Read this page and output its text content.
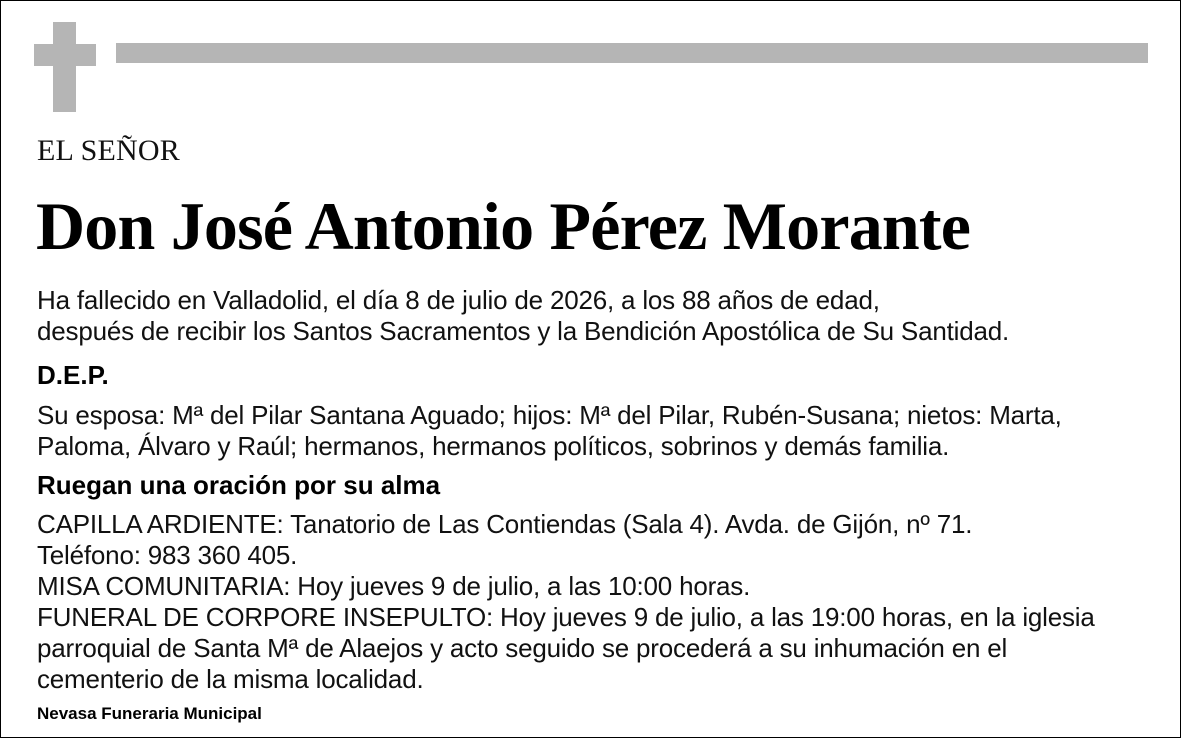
EL SEÑOR
Don José Antonio Pérez Morante
Ha fallecido en Valladolid, el día 8 de julio de 2026, a los 88 años de edad,
después de recibir los Santos Sacramentos y la Bendición Apostólica de Su Santidad.
D.E.P.
Su esposa: Mª del Pilar Santana Aguado; hijos: Mª del Pilar, Rubén-Susana; nietos: Marta,
Paloma, Álvaro y Raúl; hermanos, hermanos políticos, sobrinos y demás familia.
Ruegan una oración por su alma
CAPILLA ARDIENTE: Tanatorio de Las Contiendas (Sala 4). Avda. de Gijón, nº 71.
Teléfono: 983 360 405.
MISA COMUNITARIA: Hoy jueves 9 de julio, a las 10:00 horas.
FUNERAL DE CORPORE INSEPULTO: Hoy jueves 9 de julio, a las 19:00 horas, en la iglesia
parroquial de Santa Mª de Alaejos y acto seguido se procederá a su inhumación en el
cementerio de la misma localidad.
Nevasa Funeraria Municipal
